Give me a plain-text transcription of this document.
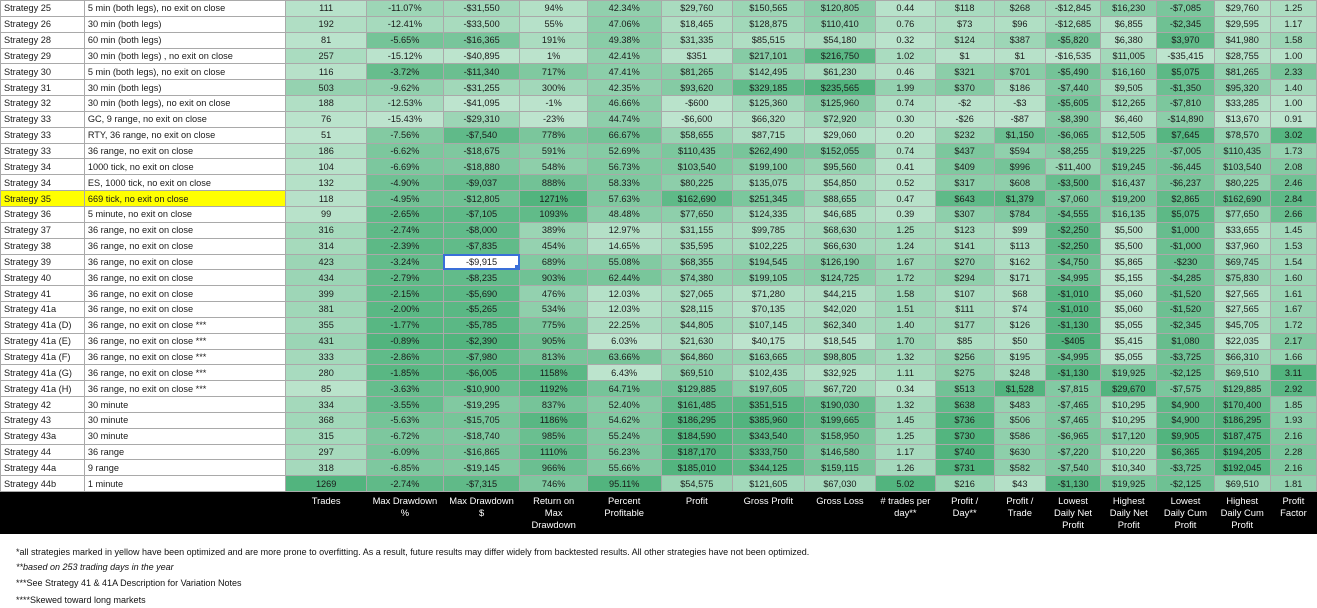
Strategy 25	5 min (both legs), no exit on close	111	-11.07%	-$31,550	94%	42.34%	$29,760	$150,565	$120,805	0.44	$118	$268	-$12,845	$16,230	-$7,085	$29,760	1.25
Strategy 26	30 min (both legs)	192	-12.41%	-$33,500	55%	47.06%	$18,465	$128,875	$110,410	0.76	$73	$96	-$12,685	$6,855	-$2,345	$29,595	1.17
Strategy 28	60 min (both legs)	81	-5.65%	-$16,365	191%	49.38%	$31,335	$85,515	$54,180	0.32	$124	$387	-$5,820	$6,380	$3,970	$41,980	1.58
Strategy 29	30 min (both legs) , no exit on close	257	-15.12%	-$40,895	1%	42.41%	$351	$217,101	$216,750	1.02	$1	$1	-$16,535	$11,005	-$35,415	$28,755	1.00
Strategy 30	5 min (both legs), no exit on close	116	-3.72%	-$11,340	717%	47.41%	$81,265	$142,495	$61,230	0.46	$321	$701	-$5,490	$16,160	$5,075	$81,265	2.33
Strategy 31	30 min (both legs)	503	-9.62%	-$31,255	300%	42.35%	$93,620	$329,185	$235,565	1.99	$370	$186	-$7,440	$9,505	-$1,350	$95,320	1.40
Strategy 32	30 min (both legs), no exit on close	188	-12.53%	-$41,095	-1%	46.66%	-$600	$125,360	$125,960	0.74	-$2	-$3	-$5,605	$12,265	-$7,810	$33,285	1.00
Strategy 33	GC, 9 range, no exit on close	76	-15.43%	-$29,310	-23%	44.74%	-$6,600	$66,320	$72,920	0.30	-$26	-$87	-$8,390	$6,460	-$14,890	$13,670	0.91
Strategy 33	RTY, 36 range, no exit on close	51	-7.56%	-$7,540	778%	66.67%	$58,655	$87,715	$29,060	0.20	$232	$1,150	-$6,065	$12,505	$7,645	$78,570	3.02
Strategy 33	36 range, no exit on close	186	-6.62%	-$18,675	591%	52.69%	$110,435	$262,490	$152,055	0.74	$437	$594	-$8,255	$19,225	-$7,005	$110,435	1.73
Strategy 34	1000 tick, no exit on close	104	-6.69%	-$18,880	548%	56.73%	$103,540	$199,100	$95,560	0.41	$409	$996	-$11,400	$19,245	-$6,445	$103,540	2.08
Strategy 34	ES, 1000 tick, no exit on close	132	-4.90%	-$9,037	888%	58.33%	$80,225	$135,075	$54,850	0.52	$317	$608	-$3,500	$16,437	-$6,237	$80,225	2.46
Strategy 35	669 tick, no exit on close	118	-4.95%	-$12,805	1271%	57.63%	$162,690	$251,345	$88,655	0.47	$643	$1,379	-$7,060	$19,200	$2,865	$162,690	2.84
Strategy 36	5 minute, no exit on close	99	-2.65%	-$7,105	1093%	48.48%	$77,650	$124,335	$46,685	0.39	$307	$784	-$4,555	$16,135	$5,075	$77,650	2.66
Strategy 37	36 range, no exit on close	316	-2.74%	-$8,000	389%	12.97%	$31,155	$99,785	$68,630	1.25	$123	$99	-$2,250	$5,500	$1,000	$33,655	1.45
Strategy 38	36 range, no exit on close	314	-2.39%	-$7,835	454%	14.65%	$35,595	$102,225	$66,630	1.24	$141	$113	-$2,250	$5,500	-$1,000	$37,960	1.53
Strategy 39	36 range, no exit on close	423	-3.24%	-$9,915	689%	55.08%	$68,355	$194,545	$126,190	1.67	$270	$162	-$4,750	$5,865	-$230	$69,745	1.54
Strategy 40	36 range, no exit on close	434	-2.79%	-$8,235	903%	62.44%	$74,380	$199,105	$124,725	1.72	$294	$171	-$4,995	$5,155	-$4,285	$75,830	1.60
Strategy 41	36 range, no exit on close	399	-2.15%	-$5,690	476%	12.03%	$27,065	$71,280	$44,215	1.58	$107	$68	-$1,010	$5,060	-$1,520	$27,565	1.61
Strategy 41a	36 range, no exit on close	381	-2.00%	-$5,265	534%	12.03%	$28,115	$70,135	$42,020	1.51	$111	$74	-$1,010	$5,060	-$1,520	$27,565	1.67
Strategy 41a (D)	36 range, no exit on close ***	355	-1.77%	-$5,785	775%	22.25%	$44,805	$107,145	$62,340	1.40	$177	$126	-$1,130	$5,055	-$2,345	$45,705	1.72
Strategy 41a (E)	36 range, no exit on close ***	431	-0.89%	-$2,390	905%	6.03%	$21,630	$40,175	$18,545	1.70	$85	$50	-$405	$5,415	$1,080	$22,035	2.17
Strategy 41a (F)	36 range, no exit on close ***	333	-2.86%	-$7,980	813%	63.66%	$64,860	$163,665	$98,805	1.32	$256	$195	-$4,995	$5,055	-$3,725	$66,310	1.66
Strategy 41a (G)	36 range, no exit on close ***	280	-1.85%	-$6,005	1158%	6.43%	$69,510	$102,435	$32,925	1.11	$275	$248	-$1,130	$19,925	-$2,125	$69,510	3.11
Strategy 41a (H)	36 range, no exit on close ***	85	-3.63%	-$10,900	1192%	64.71%	$129,885	$197,605	$67,720	0.34	$513	$1,528	-$7,815	$29,670	-$7,575	$129,885	2.92
Strategy 42	30 minute	334	-3.55%	-$19,295	837%	52.40%	$161,485	$351,515	$190,030	1.32	$638	$483	-$7,465	$10,295	$4,900	$170,400	1.85
Strategy 43	30 minute	368	-5.63%	-$15,705	1186%	54.62%	$186,295	$385,960	$199,665	1.45	$736	$506	-$7,465	$10,295	$4,900	$186,295	1.93
Strategy 43a	30 minute	315	-6.72%	-$18,740	985%	55.24%	$184,590	$343,540	$158,950	1.25	$730	$586	-$6,965	$17,120	$9,905	$187,475	2.16
Strategy 44	36 range	297	-6.09%	-$16,865	1110%	56.23%	$187,170	$333,750	$146,580	1.17	$740	$630	-$7,220	$10,220	$6,365	$194,205	2.28
Strategy 44a	9 range	318	-6.85%	-$19,145	966%	55.66%	$185,010	$344,125	$159,115	1.26	$731	$582	-$7,540	$10,340	-$3,725	$192,045	2.16
Strategy 44b	1 minute	1269	-2.74%	-$7,315	746%	95.11%	$54,575	$121,605	$67,030	5.02	$216	$43	-$1,130	$19,925	-$2,125	$69,510	1.81
		Trades	Max Drawdown %	Max Drawdown $	Return on Max Drawdown	Percent Profitable	Profit	Gross Profit	Gross Loss	# trades per day**	Profit / Day**	Profit / Trade	Lowest Daily Net Profit	Highest Daily Net Profit	Lowest Daily Cum Profit	Highest Daily Cum Profit	Profit Factor
*all strategies marked in yellow have been optimized and are more prone to overfitting. As a result, future results may differ widely from backtested results. All other strategies have not been optimized.
**based on 253 trading days in the year
***See Strategy 41 & 41A Description for Variation Notes
****Skewed toward long markets
